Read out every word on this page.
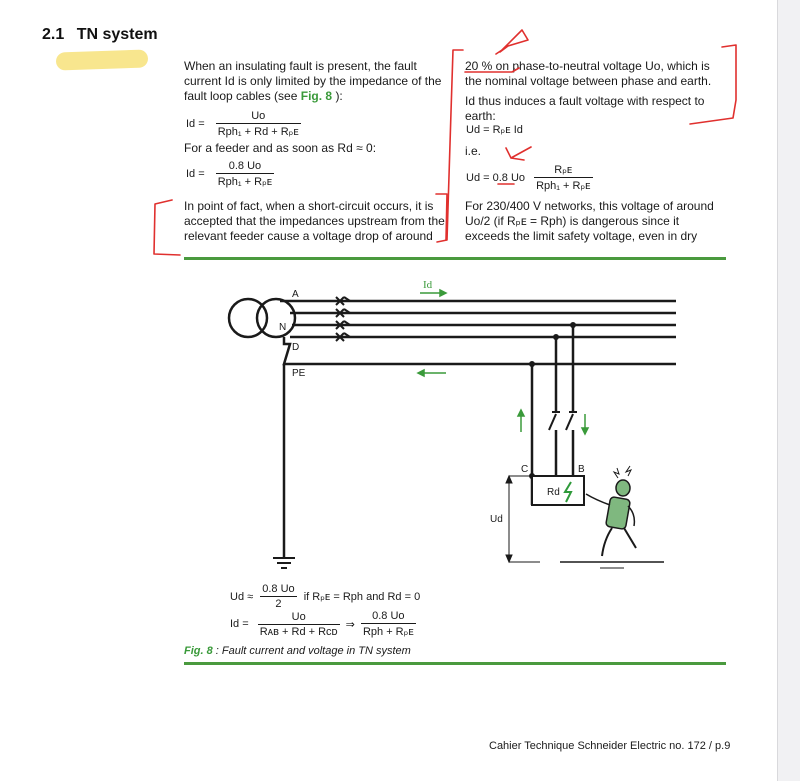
2.1 TN system

When an insulating fault is present, the fault current Id is only limited by the impedance of the fault loop cables (see Fig. 8 ):

$Id = \frac{Uo}{\text{Rph₁ + Rd + Rₚᴇ}}$

For a feeder and as soon as Rd ≈ 0:

$Id = \frac{0.8 Uo}{\text{Rph₁ + Rₚᴇ}}$

In point of fact, when a short-circuit occurs, it is accepted that the impedances upstream from the relevant feeder cause a voltage drop of around

20 % on phase-to-neutral voltage Uo, which is the nominal voltage between phase and earth.

Id thus induces a fault voltage with respect to earth:

Ud = Rₚᴇ Id

i.e.

Ud = 0.8 Uo $\frac{\text{Rₚᴇ}}{\text{Rph₁ + Rₚᴇ}}$

For 230/400 V networks, this voltage of around Uo/2 (if Rₚᴇ = Rph) is dangerous since it exceeds the limit safety voltage, even in dry

A
N
D
PE
C	B
Rd
Ud
Id
$Ud \approx \frac{0.8 Uo}{2}$ if Rₚᴇ = Rph and Rd = 0
$Id = \frac{Uo}{\text{Rᴀʙ + Rd + Rᴄᴅ}}$ ⇒ $\frac{0.8 Uo}{\text{Rph + Rₚᴇ}}$
Fig. 8 : Fault current and voltage in TN system
Cahier Technique Schneider Electric no. 172 / p.9
